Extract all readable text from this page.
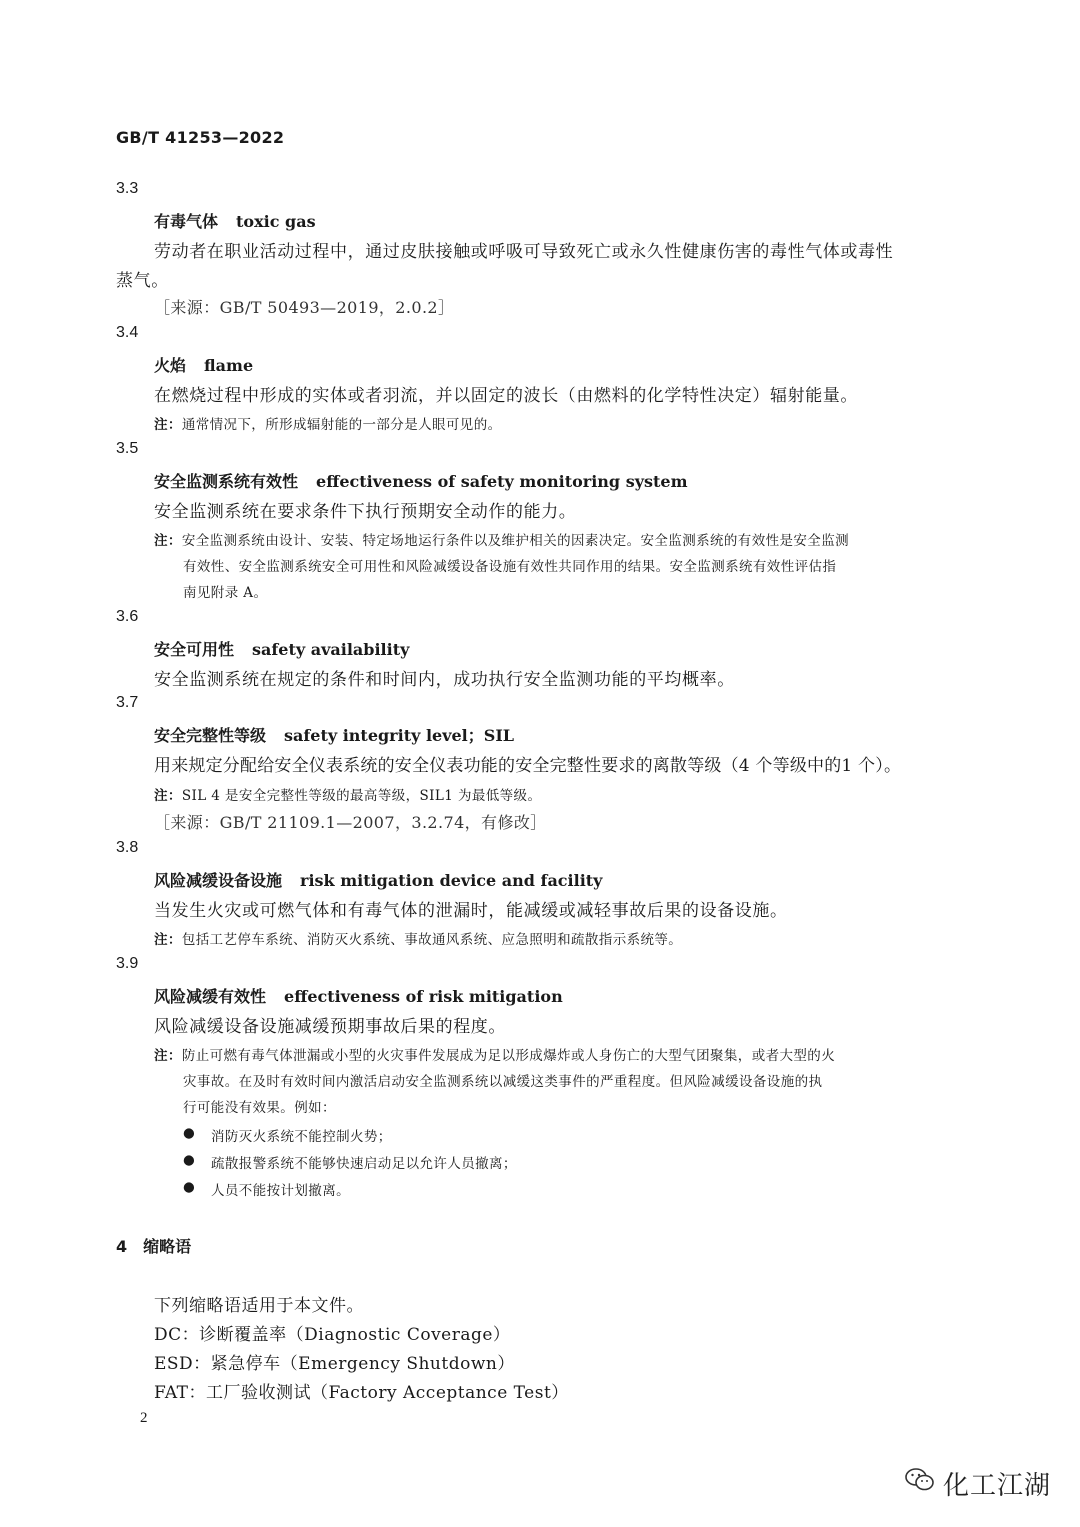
GB/T 41253—2022
3.3
有毒气体 toxic gas
劳动者在职业活动过程中，通过皮肤接触或呼吸可导致死亡或永久性健康伤害的毒性气体或毒性
蒸气。
［来源：GB/T 50493—2019，2.0.2］
3.4
火焰 flame
在燃烧过程中形成的实体或者羽流，并以固定的波长（由燃料的化学特性决定）辐射能量。
注：通常情况下，所形成辐射能的一部分是人眼可见的。
3.5
安全监测系统有效性 effectiveness of safety monitoring system
安全监测系统在要求条件下执行预期安全动作的能力。
注：安全监测系统由设计、安装、特定场地运行条件以及维护相关的因素决定。安全监测系统的有效性是安全监测
有效性、安全监测系统安全可用性和风险减缓设备设施有效性共同作用的结果。安全监测系统有效性评估指
南见附录 A。
3.6
安全可用性 safety availability
安全监测系统在规定的条件和时间内，成功执行安全监测功能的平均概率。
3.7
安全完整性等级 safety integrity level；SIL
用来规定分配给安全仪表系统的安全仪表功能的安全完整性要求的离散等级（4 个等级中的1 个）。
注：SIL 4 是安全完整性等级的最高等级，SIL1 为最低等级。
［来源：GB/T 21109.1—2007，3.2.74，有修改］
3.8
风险减缓设备设施 risk mitigation device and facility
当发生火灾或可燃气体和有毒气体的泄漏时，能减缓或减轻事故后果的设备设施。
注：包括工艺停车系统、消防灭火系统、事故通风系统、应急照明和疏散指示系统等。
3.9
风险减缓有效性 effectiveness of risk mitigation
风险减缓设备设施减缓预期事故后果的程度。
注：防止可燃有毒气体泄漏或小型的火灾事件发展成为足以形成爆炸或人身伤亡的大型气团聚集，或者大型的火
灾事故。在及时有效时间内激活启动安全监测系统以减缓这类事件的严重程度。但风险减缓设备设施的执
行可能没有效果。例如：
● 消防灭火系统不能控制火势；
● 疏散报警系统不能够快速启动足以允许人员撤离；
● 人员不能按计划撤离。
4 缩略语
下列缩略语适用于本文件。
DC：诊断覆盖率（Diagnostic Coverage）
ESD：紧急停车（Emergency Shutdown）
FAT：工厂验收测试（Factory Acceptance Test）
2
化工江湖
